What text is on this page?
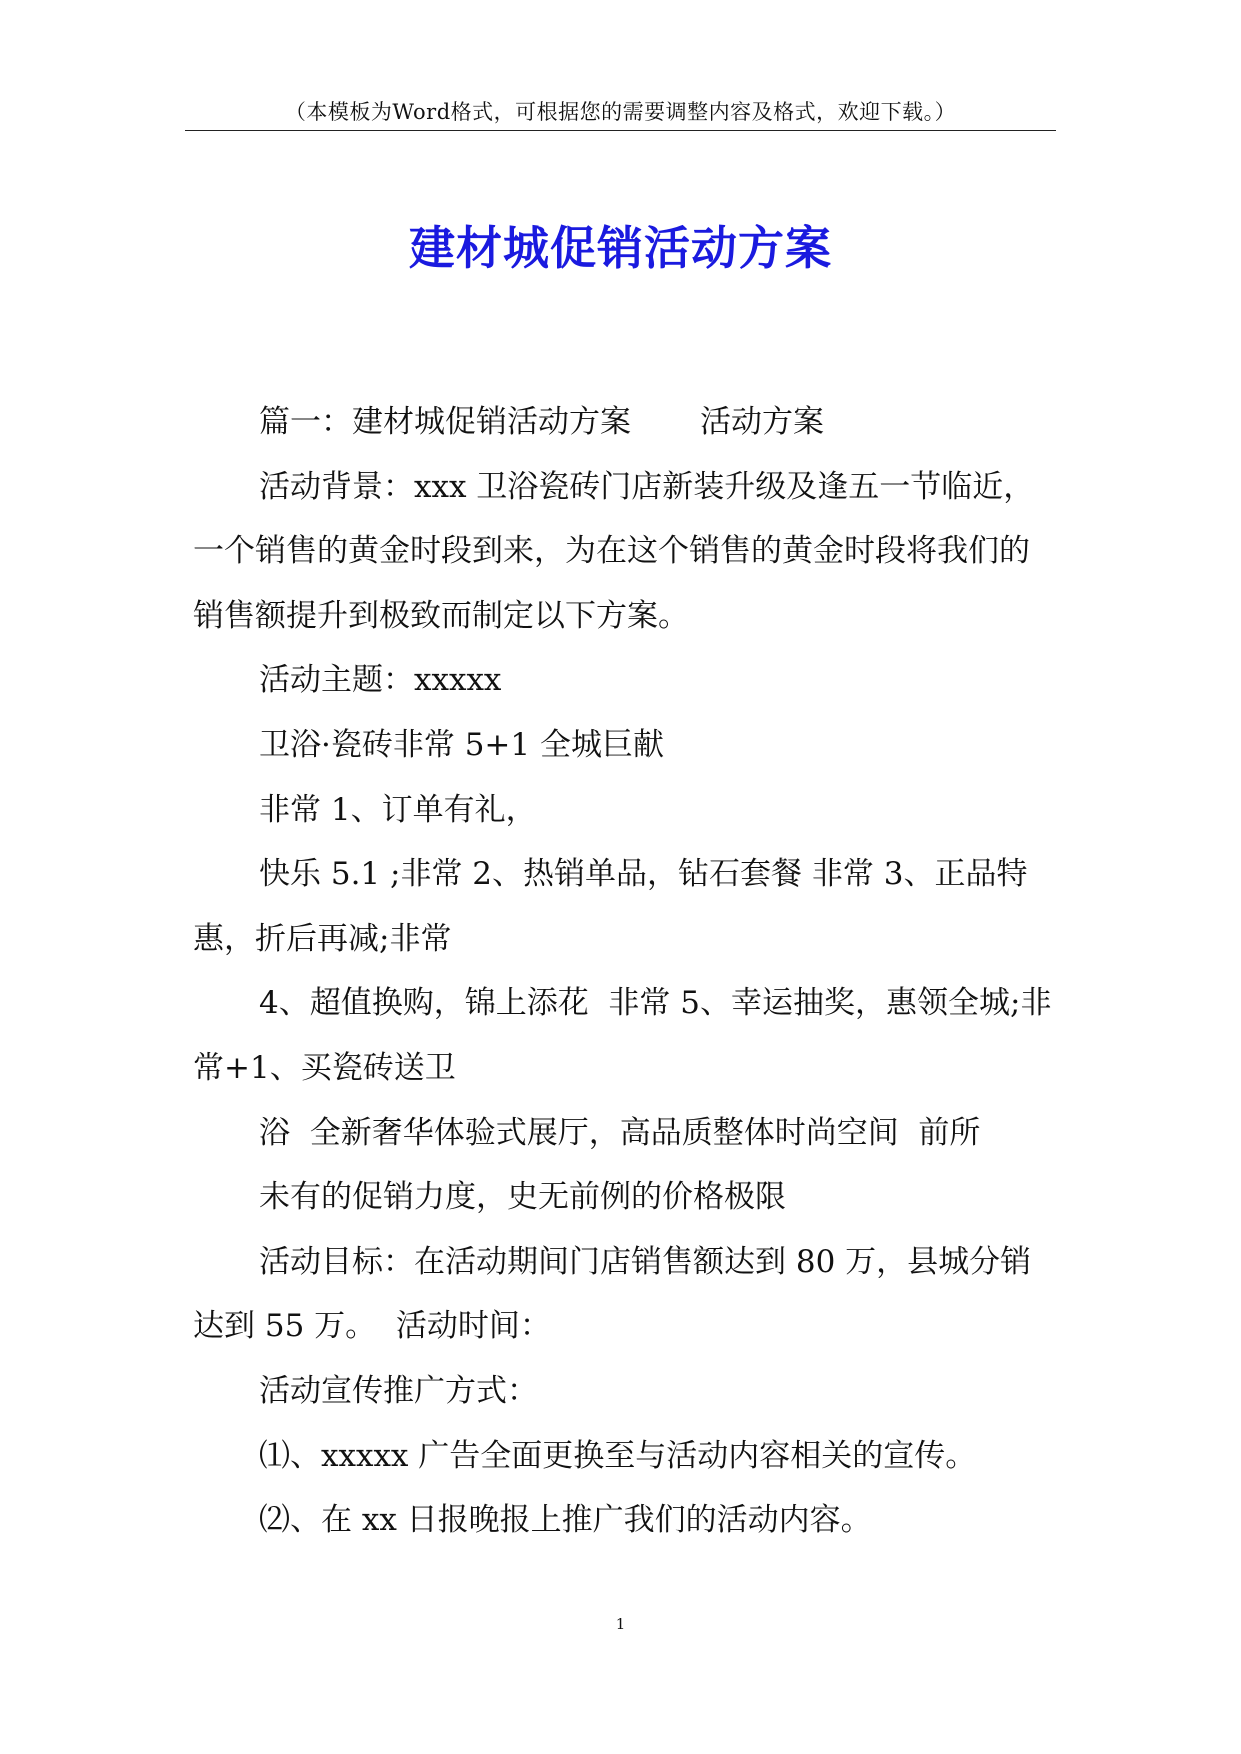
（本模板为Word格式，可根据您的需要调整内容及格式，欢迎下载。）
建材城促销活动方案

篇一：建材城促销活动方案       活动方案

活动背景：xxx 卫浴瓷砖门店新装升级及逢五一节临近，一个销售的黄金时段到来，为在这个销售的黄金时段将我们的销售额提升到极致而制定以下方案。

活动主题：xxxxx

卫浴·瓷砖非常 5+1 全城巨献

非常 1、订单有礼，

快乐 5.1 ;非常 2、热销单品，钻石套餐 非常 3、正品特惠，折后再减;非常

4、超值换购，锦上添花  非常 5、幸运抽奖，惠领全城;非常+1、买瓷砖送卫

浴  全新奢华体验式展厅，高品质整体时尚空间  前所

未有的促销力度，史无前例的价格极限

活动目标：在活动期间门店销售额达到 80 万，县城分销达到 55 万。  活动时间：

活动宣传推广方式：

⑴、xxxxx 广告全面更换至与活动内容相关的宣传。

⑵、在 xx 日报晚报上推广我们的活动内容。

1
